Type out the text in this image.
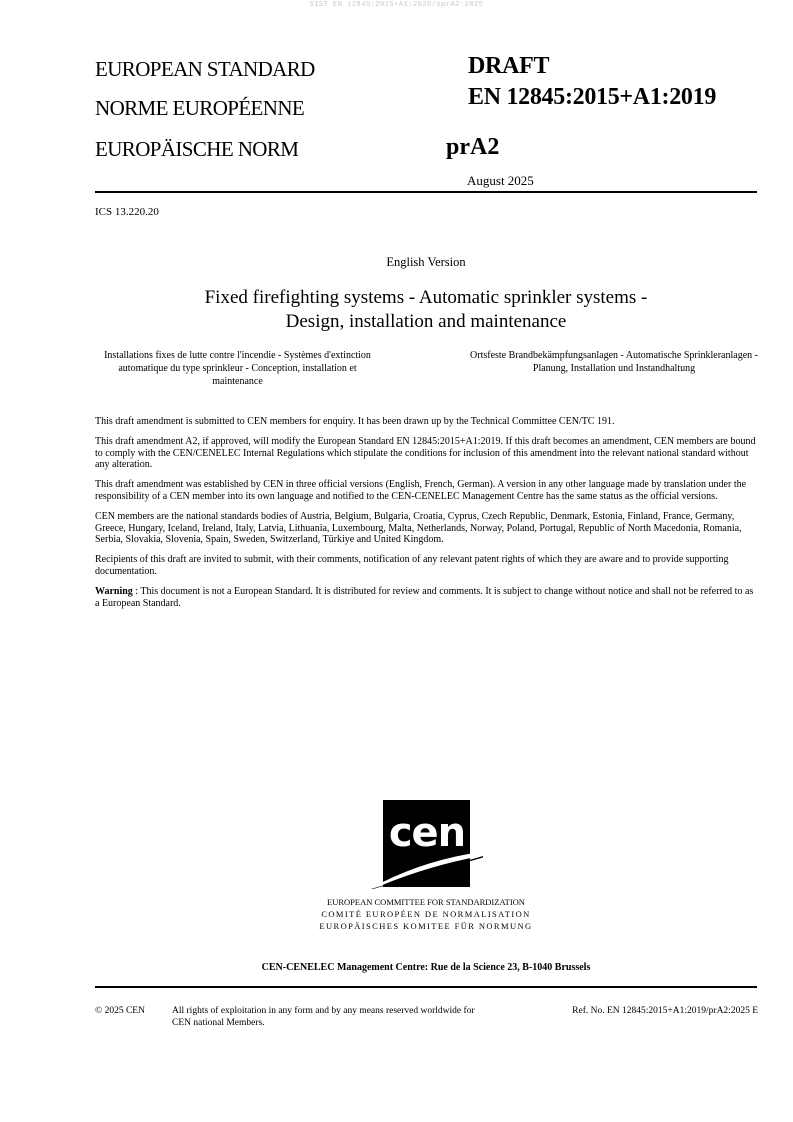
SIST EN 12845:2015+A1:2020/oprA2:2025
EUROPEAN STANDARD
NORME EUROPÉENNE
EUROPÄISCHE NORM
DRAFT
EN 12845:2015+A1:2019
prA2
August 2025
ICS 13.220.20
English Version
Fixed firefighting systems - Automatic sprinkler systems -
Design, installation and maintenance
Installations fixes de lutte contre l'incendie - Systèmes d'extinction automatique du type sprinkleur - Conception, installation et maintenance
Ortsfeste Brandbekämpfungsanlagen - Automatische Sprinkleranlagen - Planung, Installation und Instandhaltung

This draft amendment is submitted to CEN members for enquiry. It has been drawn up by the Technical Committee CEN/TC 191.

This draft amendment A2, if approved, will modify the European Standard EN 12845:2015+A1:2019. If this draft becomes an amendment, CEN members are bound to comply with the CEN/CENELEC Internal Regulations which stipulate the conditions for inclusion of this amendment into the relevant national standard without any alteration.

This draft amendment was established by CEN in three official versions (English, French, German). A version in any other language made by translation under the responsibility of a CEN member into its own language and notified to the CEN-CENELEC Management Centre has the same status as the official versions.

CEN members are the national standards bodies of Austria, Belgium, Bulgaria, Croatia, Cyprus, Czech Republic, Denmark, Estonia, Finland, France, Germany, Greece, Hungary, Iceland, Ireland, Italy, Latvia, Lithuania, Luxembourg, Malta, Netherlands, Norway, Poland, Portugal, Republic of North Macedonia, Romania, Serbia, Slovakia, Slovenia, Spain, Sweden, Switzerland, Türkiye and United Kingdom.

Recipients of this draft are invited to submit, with their comments, notification of any relevant patent rights of which they are aware and to provide supporting documentation.

Warning : This document is not a European Standard. It is distributed for review and comments. It is subject to change without notice and shall not be referred to as a European Standard.

cen
EUROPEAN COMMITTEE FOR STANDARDIZATION
COMITÉ EUROPÉEN DE NORMALISATION
EUROPÄISCHES KOMITEE FÜR NORMUNG
CEN-CENELEC Management Centre: Rue de la Science 23, B-1040 Brussels
© 2025 CEN	All rights of exploitation in any form and by any means reserved worldwide for CEN national Members.
Ref. No. EN 12845:2015+A1:2019/prA2:2025 E
